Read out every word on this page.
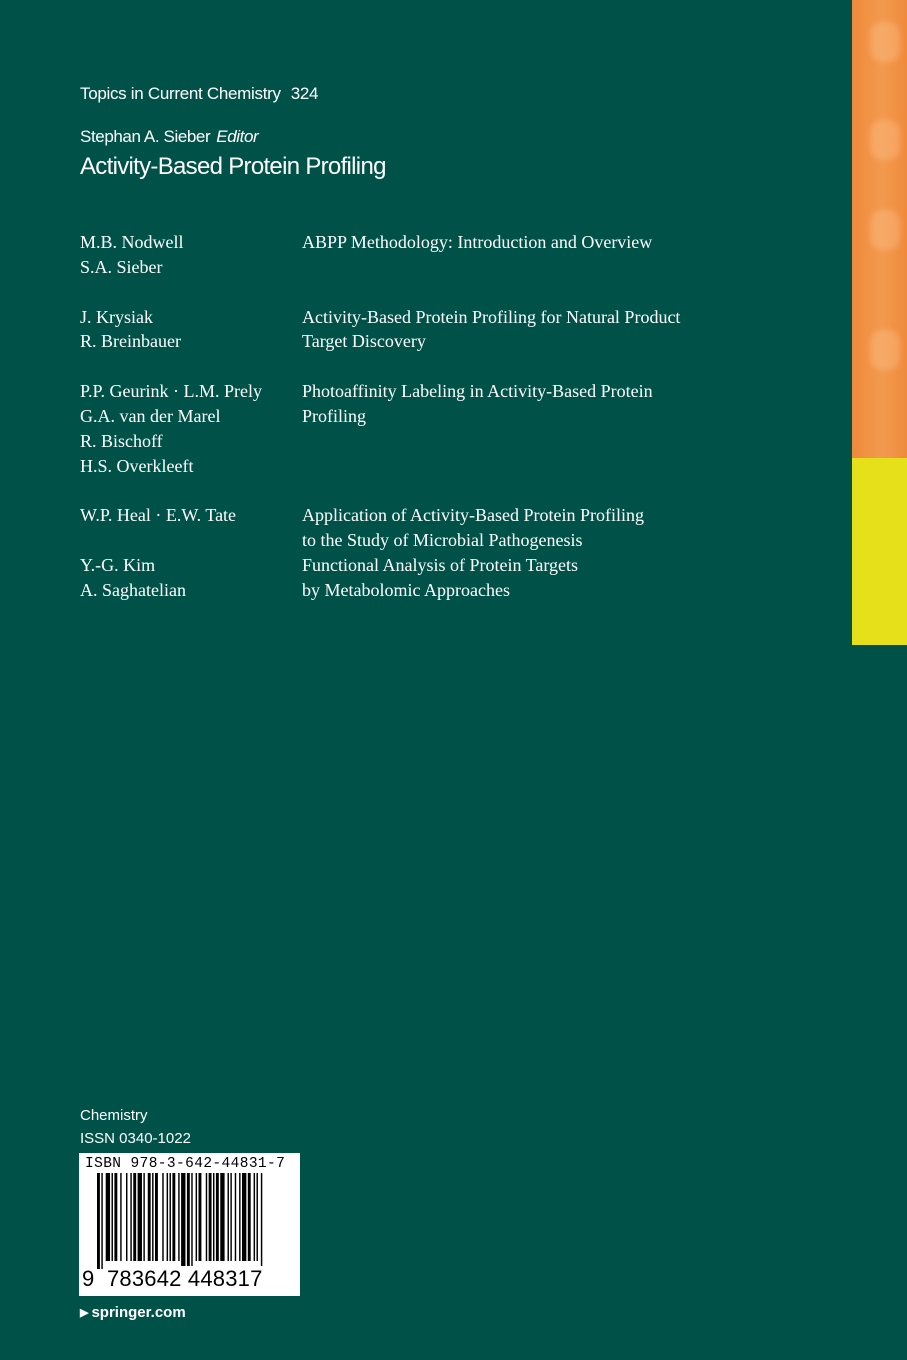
Topics in Current Chemistry 324
Stephan A. Sieber Editor
Activity-Based Protein Profiling
M.B. Nodwell
S.A. Sieber
ABPP Methodology: Introduction and Overview
J. Krysiak
R. Breinbauer
Activity-Based Protein Profiling for Natural Product
Target Discovery
P.P. Geurink · L.M. Prely
G.A. van der Marel
R. Bischoff
H.S. Overkleeft
Photoaffinity Labeling in Activity-Based Protein
Profiling
W.P. Heal · E.W. Tate	Application of Activity-Based Protein Profiling
to the Study of Microbial Pathogenesis
Y.-G. Kim
A. Saghatelian
Functional Analysis of Protein Targets
by Metabolomic Approaches
Chemistry
ISSN 0340-1022
ISBN 978-3-642-44831-7
9 783642 448317
▶ springer.com
